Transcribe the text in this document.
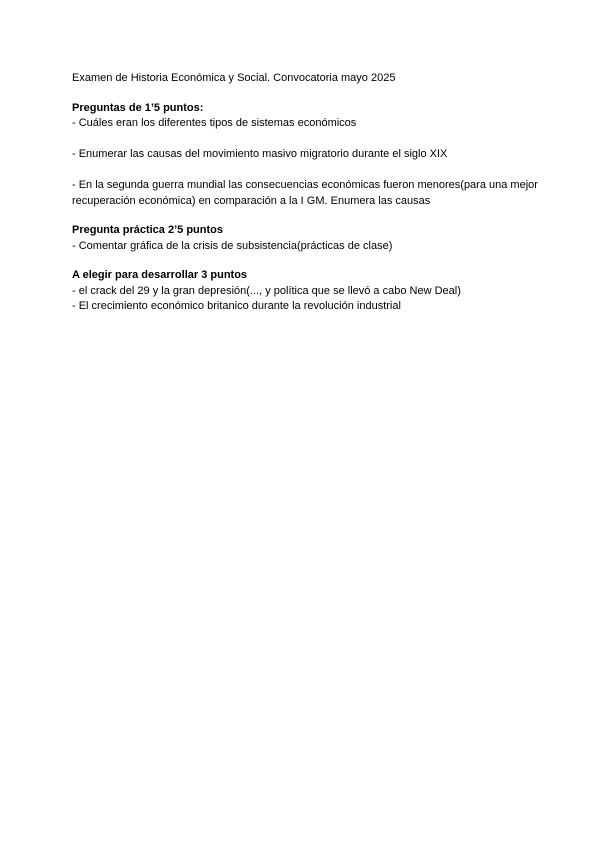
Examen de Historia Económica y Social. Convocatoria mayo 2025

Preguntas de 1’5 puntos:

- Cuáles eran los diferentes tipos de sistemas económicos

- Enumerar las causas del movimiento masivo migratorio durante el siglo XIX

- En la segunda guerra mundial las consecuencias económicas fueron menores(para una mejor recuperación económica) en comparación a la I GM. Enumera las causas

Pregunta práctica 2’5 puntos

- Comentar gráfica de la crisis de subsistencia(prácticas de clase)

A elegir para desarrollar 3 puntos

- el crack del 29 y la gran depresión(..., y política que se llevó a cabo New Deal)

- El crecimiento económico britanico durante la revolución industrial
